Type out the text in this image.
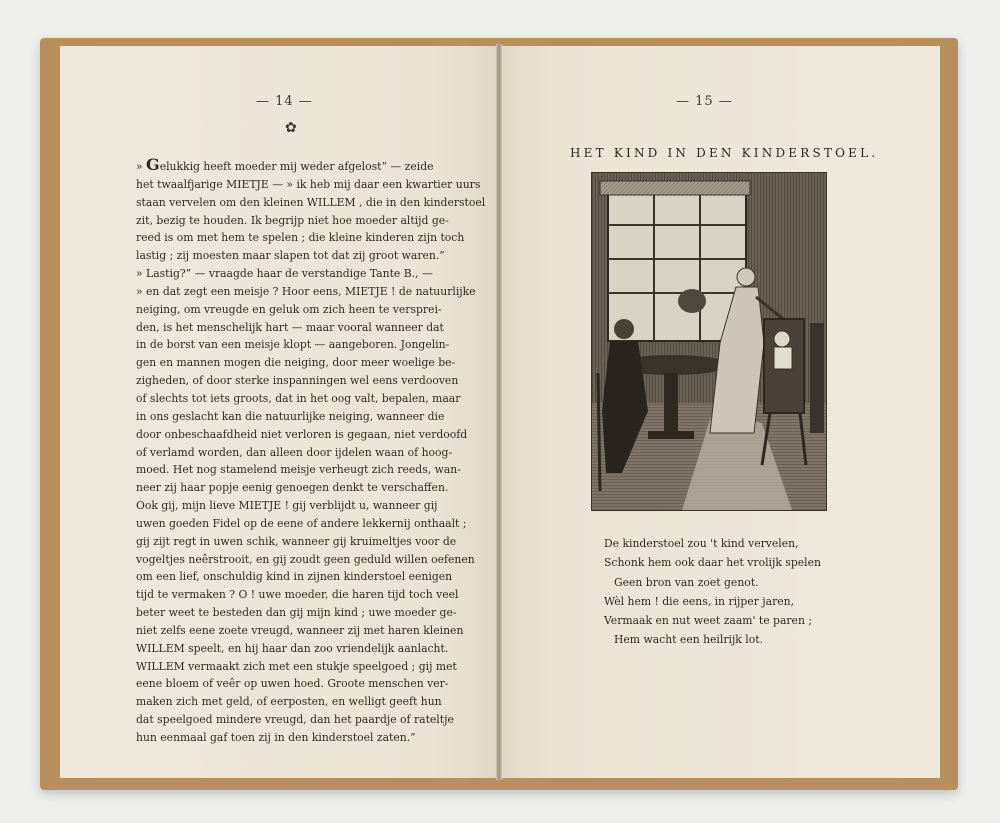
— 14 —
✿

» Gelukkig heeft moeder mij weder afgelost” — zeide

het twaalfjarige MIETJE — » ik heb mij daar een kwartier uurs

staan vervelen om den kleinen WILLEM , die in den kinderstoel

zit, bezig te houden. Ik begrijp niet hoe moeder altijd ge-

reed is om met hem te spelen ; die kleine kinderen zijn toch

lastig ; zij moesten maar slapen tot dat zij groot waren.”

» Lastig?” — vraagde haar de verstandige Tante B., —

» en dat zegt een meisje ? Hoor eens, MIETJE ! de natuurlijke

neiging, om vreugde en geluk om zich heen te versprei-

den, is het menschelijk hart — maar vooral wanneer dat

in de borst van een meisje klopt — aangeboren. Jongelin-

gen en mannen mogen die neiging, door meer woelige be-

zigheden, of door sterke inspanningen wel eens verdooven

of slechts tot iets groots, dat in het oog valt, bepalen, maar

in ons geslacht kan die natuurlijke neiging, wanneer die

door onbeschaafdheid niet verloren is gegaan, niet verdoofd

of verlamd worden, dan alleen door ijdelen waan of hoog-

moed. Het nog stamelend meisje verheugt zich reeds, wan-

neer zij haar popje eenig genoegen denkt te verschaffen.

Ook gij, mijn lieve MIETJE ! gij verblijdt u, wanneer gij

uwen goeden Fidel op de eene of andere lekkernij onthaalt ;

gij zijt regt in uwen schik, wanneer gij kruimeltjes voor de

vogeltjes neêrstrooit, en gij zoudt geen geduld willen oefenen

om een lief, onschuldig kind in zijnen kinderstoel eenigen

tijd te vermaken ? O ! uwe moeder, die haren tijd toch veel

beter weet te besteden dan gij mijn kind ; uwe moeder ge-

niet zelfs eene zoete vreugd, wanneer zij met haren kleinen

WILLEM speelt, en hij haar dan zoo vriendelijk aanlacht.

WILLEM vermaakt zich met een stukje speelgoed ; gij met

eene bloem of veêr op uwen hoed. Groote menschen ver-

maken zich met geld, of eerposten, en welligt geeft hun

dat speelgoed mindere vreugd, dan het paardje of rateltje

hun eenmaal gaf toen zij in den kinderstoel zaten.”

— 15 —
HET KIND IN DEN KINDERSTOEL.

De kinderstoel zou 't kind vervelen,

Schonk hem ook daar het vrolijk spelen

Geen bron van zoet genot.

Wèl hem ! die eens, in rijper jaren,

Vermaak en nut weet zaam' te paren ;

Hem wacht een heilrijk lot.
